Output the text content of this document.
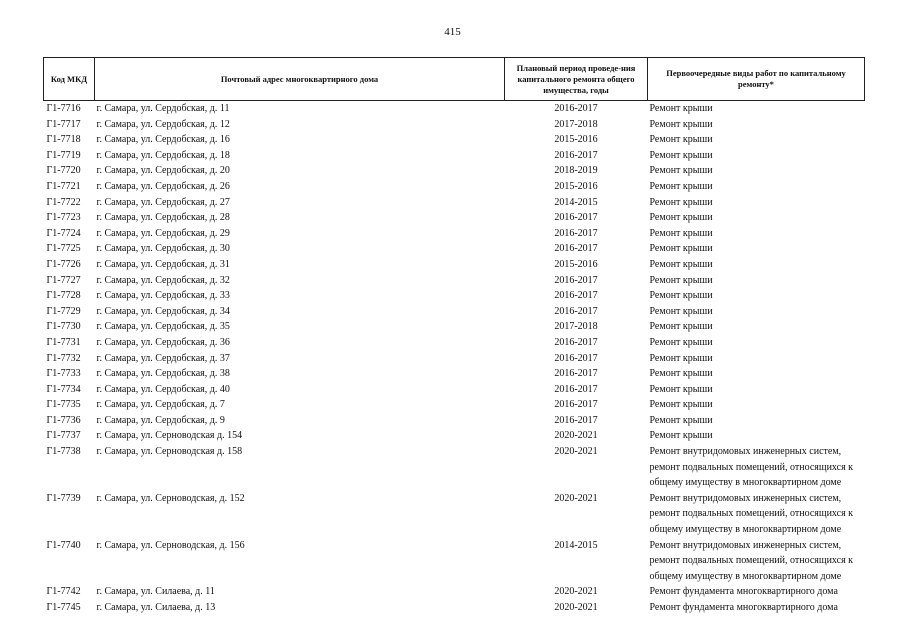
415
Код МКД	Почтовый адрес многоквартирного дома	Плановый период проведе-ния капитального ремонта общего имущества, годы	Первоочередные виды работ по капитальному ремонту*
Г1-7716	г. Самара, ул. Сердобская, д. 11	2016-2017	Ремонт крыши
Г1-7717	г. Самара, ул. Сердобская, д. 12	2017-2018	Ремонт крыши
Г1-7718	г. Самара, ул. Сердобская, д. 16	2015-2016	Ремонт крыши
Г1-7719	г. Самара, ул. Сердобская, д. 18	2016-2017	Ремонт крыши
Г1-7720	г. Самара, ул. Сердобская, д. 20	2018-2019	Ремонт крыши
Г1-7721	г. Самара, ул. Сердобская, д. 26	2015-2016	Ремонт крыши
Г1-7722	г. Самара, ул. Сердобская, д. 27	2014-2015	Ремонт крыши
Г1-7723	г. Самара, ул. Сердобская, д. 28	2016-2017	Ремонт крыши
Г1-7724	г. Самара, ул. Сердобская, д. 29	2016-2017	Ремонт крыши
Г1-7725	г. Самара, ул. Сердобская, д. 30	2016-2017	Ремонт крыши
Г1-7726	г. Самара, ул. Сердобская, д. 31	2015-2016	Ремонт крыши
Г1-7727	г. Самара, ул. Сердобская, д. 32	2016-2017	Ремонт крыши
Г1-7728	г. Самара, ул. Сердобская, д. 33	2016-2017	Ремонт крыши
Г1-7729	г. Самара, ул. Сердобская, д. 34	2016-2017	Ремонт крыши
Г1-7730	г. Самара, ул. Сердобская, д. 35	2017-2018	Ремонт крыши
Г1-7731	г. Самара, ул. Сердобская, д. 36	2016-2017	Ремонт крыши
Г1-7732	г. Самара, ул. Сердобская, д. 37	2016-2017	Ремонт крыши
Г1-7733	г. Самара, ул. Сердобская, д. 38	2016-2017	Ремонт крыши
Г1-7734	г. Самара, ул. Сердобская, д. 40	2016-2017	Ремонт крыши
Г1-7735	г. Самара, ул. Сердобская, д. 7	2016-2017	Ремонт крыши
Г1-7736	г. Самара, ул. Сердобская, д. 9	2016-2017	Ремонт крыши
Г1-7737	г. Самара, ул. Серноводская д. 154	2020-2021	Ремонт крыши
Г1-7738	г. Самара, ул. Серноводская д. 158	2020-2021	Ремонт внутридомовых инженерных систем, ремонт подвальных помещений, относящихся к общему имуществу в многоквартирном доме
Г1-7739	г. Самара, ул. Серноводская, д. 152	2020-2021	Ремонт внутридомовых инженерных систем, ремонт подвальных помещений, относящихся к общему имуществу в многоквартирном доме
Г1-7740	г. Самара, ул. Серноводская, д. 156	2014-2015	Ремонт внутридомовых инженерных систем, ремонт подвальных помещений, относящихся к общему имуществу в многоквартирном доме
Г1-7742	г. Самара, ул. Силаева, д. 11	2020-2021	Ремонт фундамента многоквартирного дома
Г1-7745	г. Самара, ул. Силаева, д. 13	2020-2021	Ремонт фундамента многоквартирного дома
